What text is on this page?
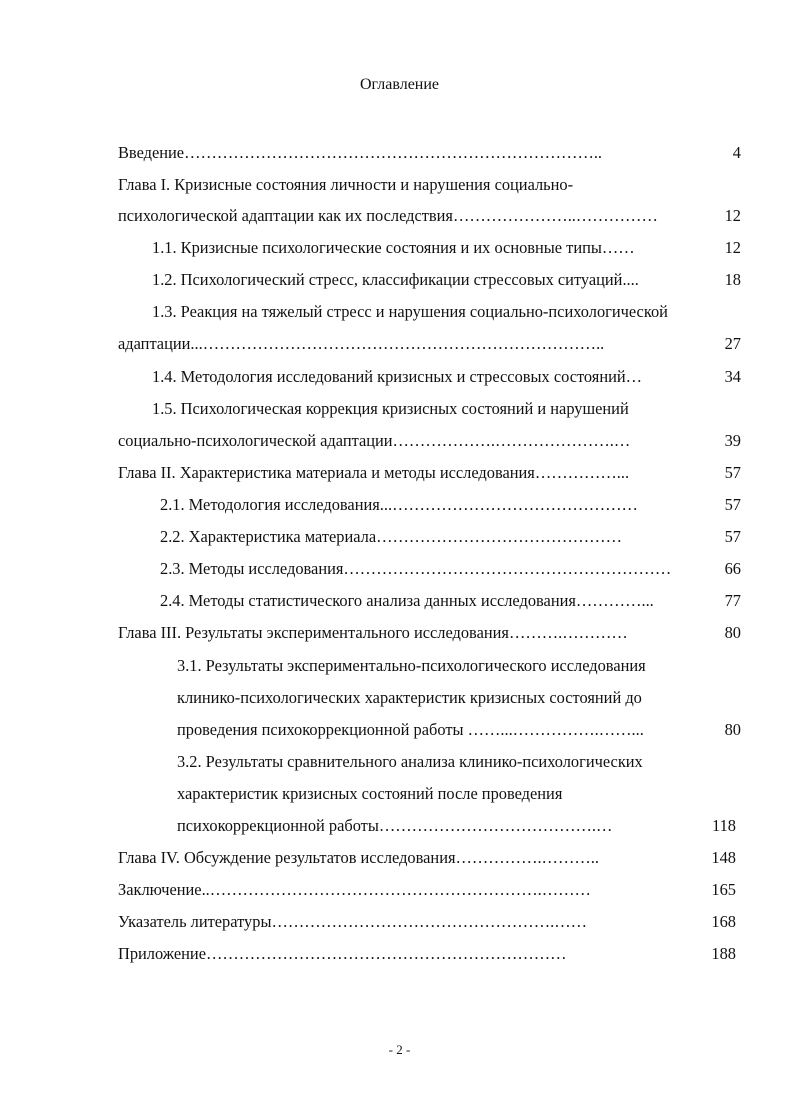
Оглавление
Введение…………………………………………………………………..	4
Глава I. Кризисные состояния личности и нарушения социально-
психологической адаптации как их последствия…………………..……………	12
1.1. Кризисные психологические состояния и их основные типы……	12
1.2. Психологический стресс, классификации стрессовых ситуаций....	18
1.3. Реакция на тяжелый стресс и нарушения социально-психологической
адаптации...………………………………………………………………..	27
1.4. Методология исследований кризисных и стрессовых состояний…	34
1.5. Психологическая коррекция кризисных состояний и нарушений
социально-психологической адаптации……………….………………….…	39
Глава II. Характеристика материала и методы исследования……………...	57
2.1. Методология исследования...………………………………………	57
2.2. Характеристика материала………………………………………	57
2.3. Методы исследования……………………………………………………	66
2.4. Методы статистического анализа данных исследования…………...	77
Глава III. Результаты экспериментального исследования……….…………	80
3.1. Результаты экспериментально-психологического исследования
клинико-психологических характеристик кризисных состояний до
проведения психокоррекционной работы ……...…………….……...	80
3.2. Результаты сравнительного анализа клинико-психологических
характеристик кризисных состояний после проведения
психокоррекционной работы………………………………….…	118
Глава IV. Обсуждение результатов исследования…………….………..	148
Заключение..…………………………………………………….………	165
Указатель литературы…………………………………………….……	168
Приложение…………………………………………………………	188
- 2 -
